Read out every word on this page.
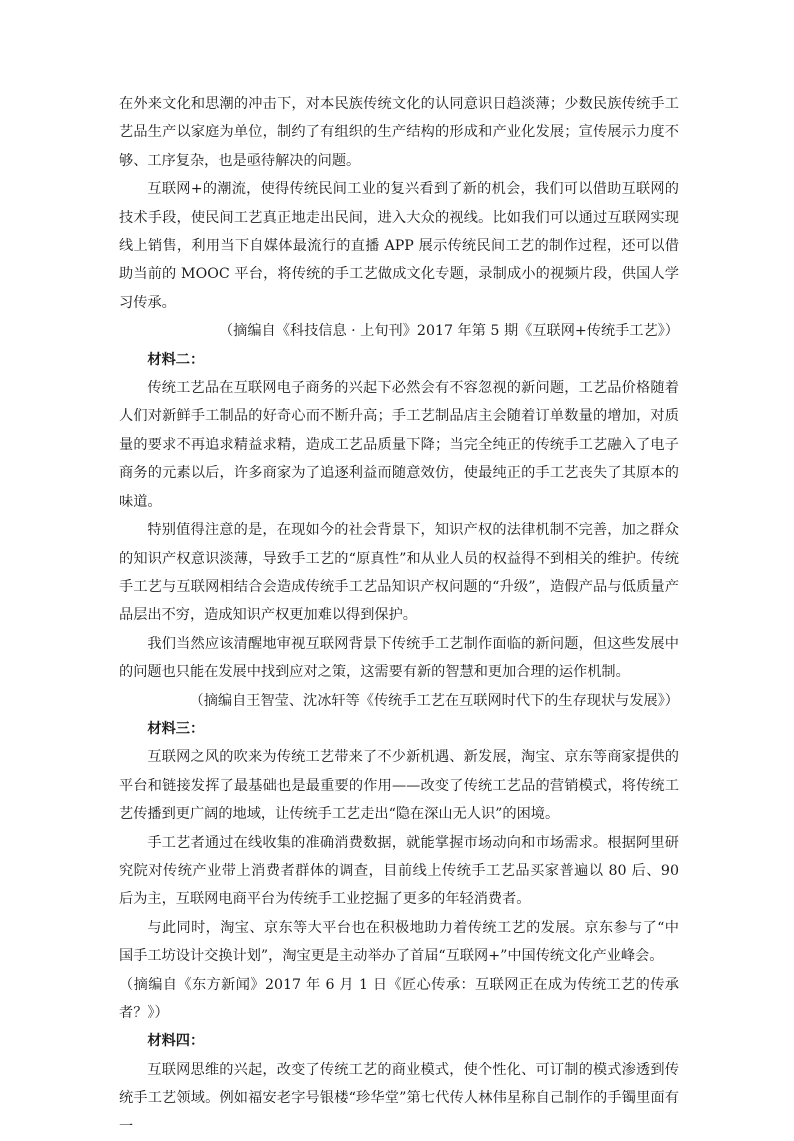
在外来文化和思潮的冲击下，对本民族传统文化的认同意识日趋淡薄；少数民族传统手工艺品生产以家庭为单位，制约了有组织的生产结构的形成和产业化发展；宣传展示力度不够、工序复杂，也是亟待解决的问题。

互联网+的潮流，使得传统民间工业的复兴看到了新的机会，我们可以借助互联网的技术手段，使民间工艺真正地走出民间，进入大众的视线。比如我们可以通过互联网实现线上销售，利用当下自媒体最流行的直播 APP 展示传统民间工艺的制作过程，还可以借助当前的 MOOC 平台，将传统的手工艺做成文化专题，录制成小的视频片段，供国人学习传承。

（摘编自《科技信息 · 上旬刊》2017 年第 5 期《互联网+传统手工艺》）

材料二：

传统工艺品在互联网电子商务的兴起下必然会有不容忽视的新问题，工艺品价格随着人们对新鲜手工制品的好奇心而不断升高；手工艺制品店主会随着订单数量的增加，对质量的要求不再追求精益求精，造成工艺品质量下降；当完全纯正的传统手工艺融入了电子商务的元素以后，许多商家为了追逐利益而随意效仿，使最纯正的手工艺丧失了其原本的味道。

特别值得注意的是，在现如今的社会背景下，知识产权的法律机制不完善，加之群众的知识产权意识淡薄，导致手工艺的“原真性”和从业人员的权益得不到相关的维护。传统手工艺与互联网相结合会造成传统手工艺品知识产权问题的“升级”，造假产品与低质量产品层出不穷，造成知识产权更加难以得到保护。

我们当然应该清醒地审视互联网背景下传统手工艺制作面临的新问题，但这些发展中的问题也只能在发展中找到应对之策，这需要有新的智慧和更加合理的运作机制。

（摘编自王智莹、沈冰轩等《传统手工艺在互联网时代下的生存现状与发展》）

材料三：

互联网之风的吹来为传统工艺带来了不少新机遇、新发展，淘宝、京东等商家提供的平台和链接发挥了最基础也是最重要的作用——改变了传统工艺品的营销模式，将传统工艺传播到更广阔的地域，让传统手工艺走出“隐在深山无人识”的困境。

手工艺者通过在线收集的准确消费数据，就能掌握市场动向和市场需求。根据阿里研究院对传统产业带上消费者群体的调查，目前线上传统手工艺品买家普遍以 80 后、90 后为主，互联网电商平台为传统手工业挖掘了更多的年轻消费者。

与此同时，淘宝、京东等大平台也在积极地助力着传统工艺的发展。京东参与了“中国手工坊设计交换计划”，淘宝更是主动举办了首届“互联网+”中国传统文化产业峰会。

（摘编自《东方新闻》2017 年 6 月 1 日《匠心传承：互联网正在成为传统工艺的传承者？》）

材料四：

互联网思维的兴起，改变了传统工艺的商业模式，使个性化、可订制的模式渗透到传统手工艺领域。例如福安老字号银楼“珍华堂”第七代传人林伟星称自己制作的手镯里面有一
